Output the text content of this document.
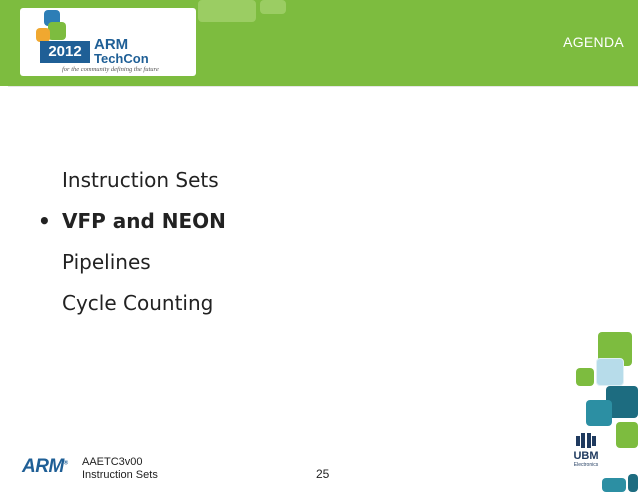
2012 ARM
TechCon
for the community defining the future
AGENDA
Instruction Sets
• VFP and NEON
Pipelines
Cycle Counting
ARM® AAETC3v00
Instruction Sets	25
UBM
Electronics
